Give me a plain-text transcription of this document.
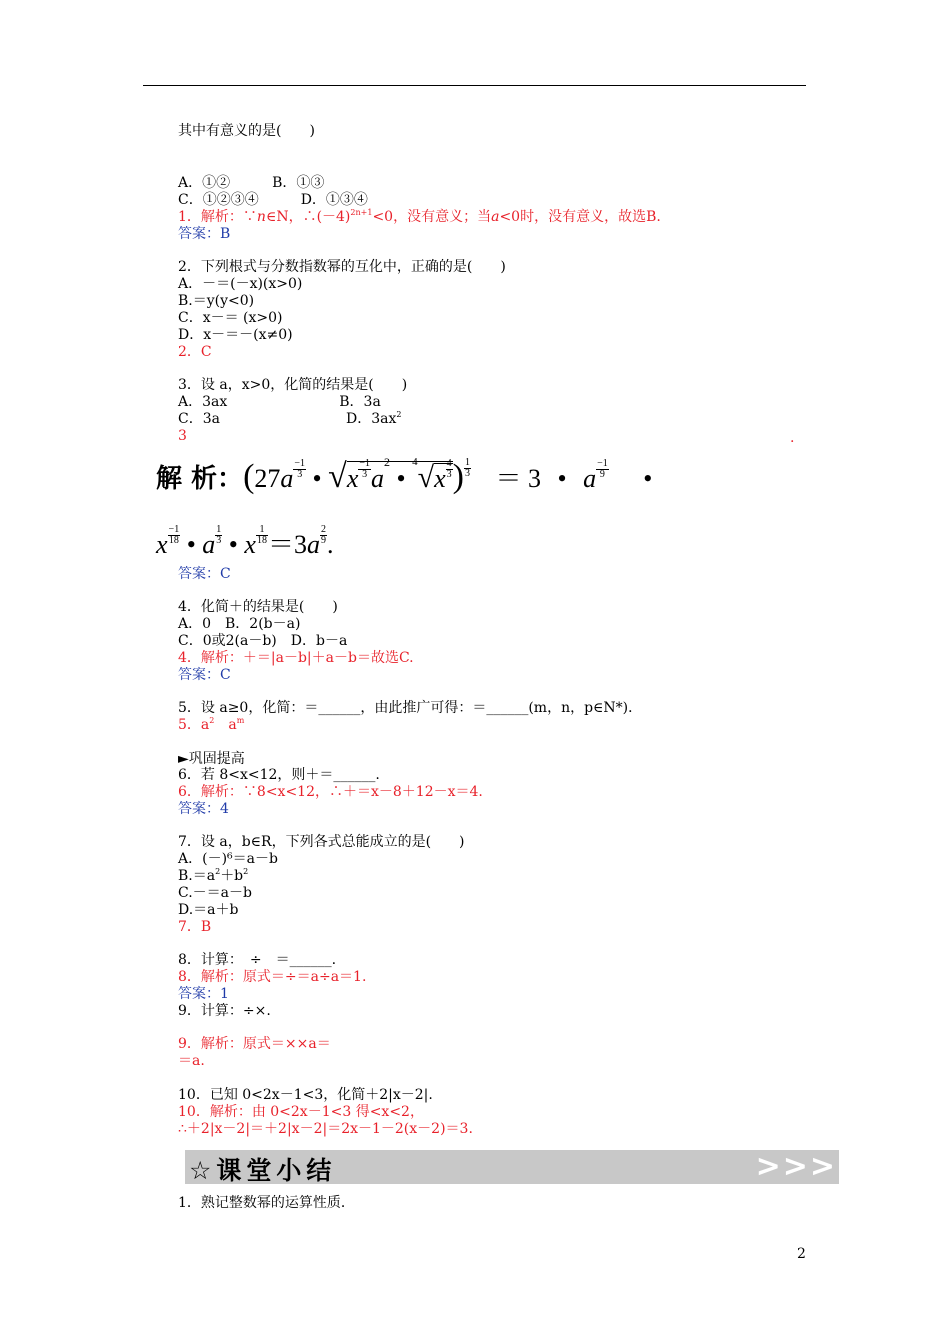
其中有意义的是(　　)
A．①②　　　B．①③
C．①②③④　　　D．①③④
1．解析：∵n∈N，$\therefore(-4)^{2n+1}<0$，没有意义；当a<0时，没有意义，故选B.
答案：B
2．下列根式与分数指数幂的互化中，正确的是(　　)
A．－＝(－x)(x>0)
B.＝y(y<0)
C．x－＝ (x>0)
D．x－＝－(x≠0)
2．C
3．设 a，x>0，化简的结果是(　　)
A．3ax　　　　　　　　B．3a
C．3a　　　　　　　　　D．$3ax^2$
3	.
解 析：($27a \frac{-1}{3}$ • $√x \frac{-1}{3} a^2$ • $^4√x \frac{4}{3}$ ) $\frac{1}{3} = 3$ • a $\frac{-1}{9}$ •
x $\frac{-1}{18}$ • a $\frac{1}{3}$ • x $\frac{1}{18} =3a \frac{2}{9}$ .
答案：C
4．化简＋的结果是(　　)
A．0　B．2(b－a)
C．0或2(a－b)　D．b－a
4．解析：＋＝|a－b|＋a－b＝故选C.
答案：C
5．设 a≥0，化简：＝______，由此推广可得：＝______(m，n，p∈N*)．
5．$a^2$　$a^m$
►巩固提高
6．若 8<x<12，则＋＝______.
6．解析：∵8<x<12，∴＋＝x－8＋12－x＝4.
答案：4
7．设 a，b∈R，下列各式总能成立的是(　　)
A．(－)⁶＝a－b
$B.=a^2+b^2$
C.－＝a－b
D.＝a＋b
7．B
8．计算：　÷　＝______.
8．解析：原式＝÷＝a÷a＝1.
答案：1
9．计算：÷×.
9．解析：原式＝××a＝
＝a.
10．已知 0<2x－1<3，化简＋2|x－2|.
10．解析：由 0<2x－1<3 得<x<2，
∴＋2|x－2|＝＋2|x－2|＝2x－1－2(x－2)＝3.
☆课堂小结	>>>
1．熟记整数幂的运算性质．
2
